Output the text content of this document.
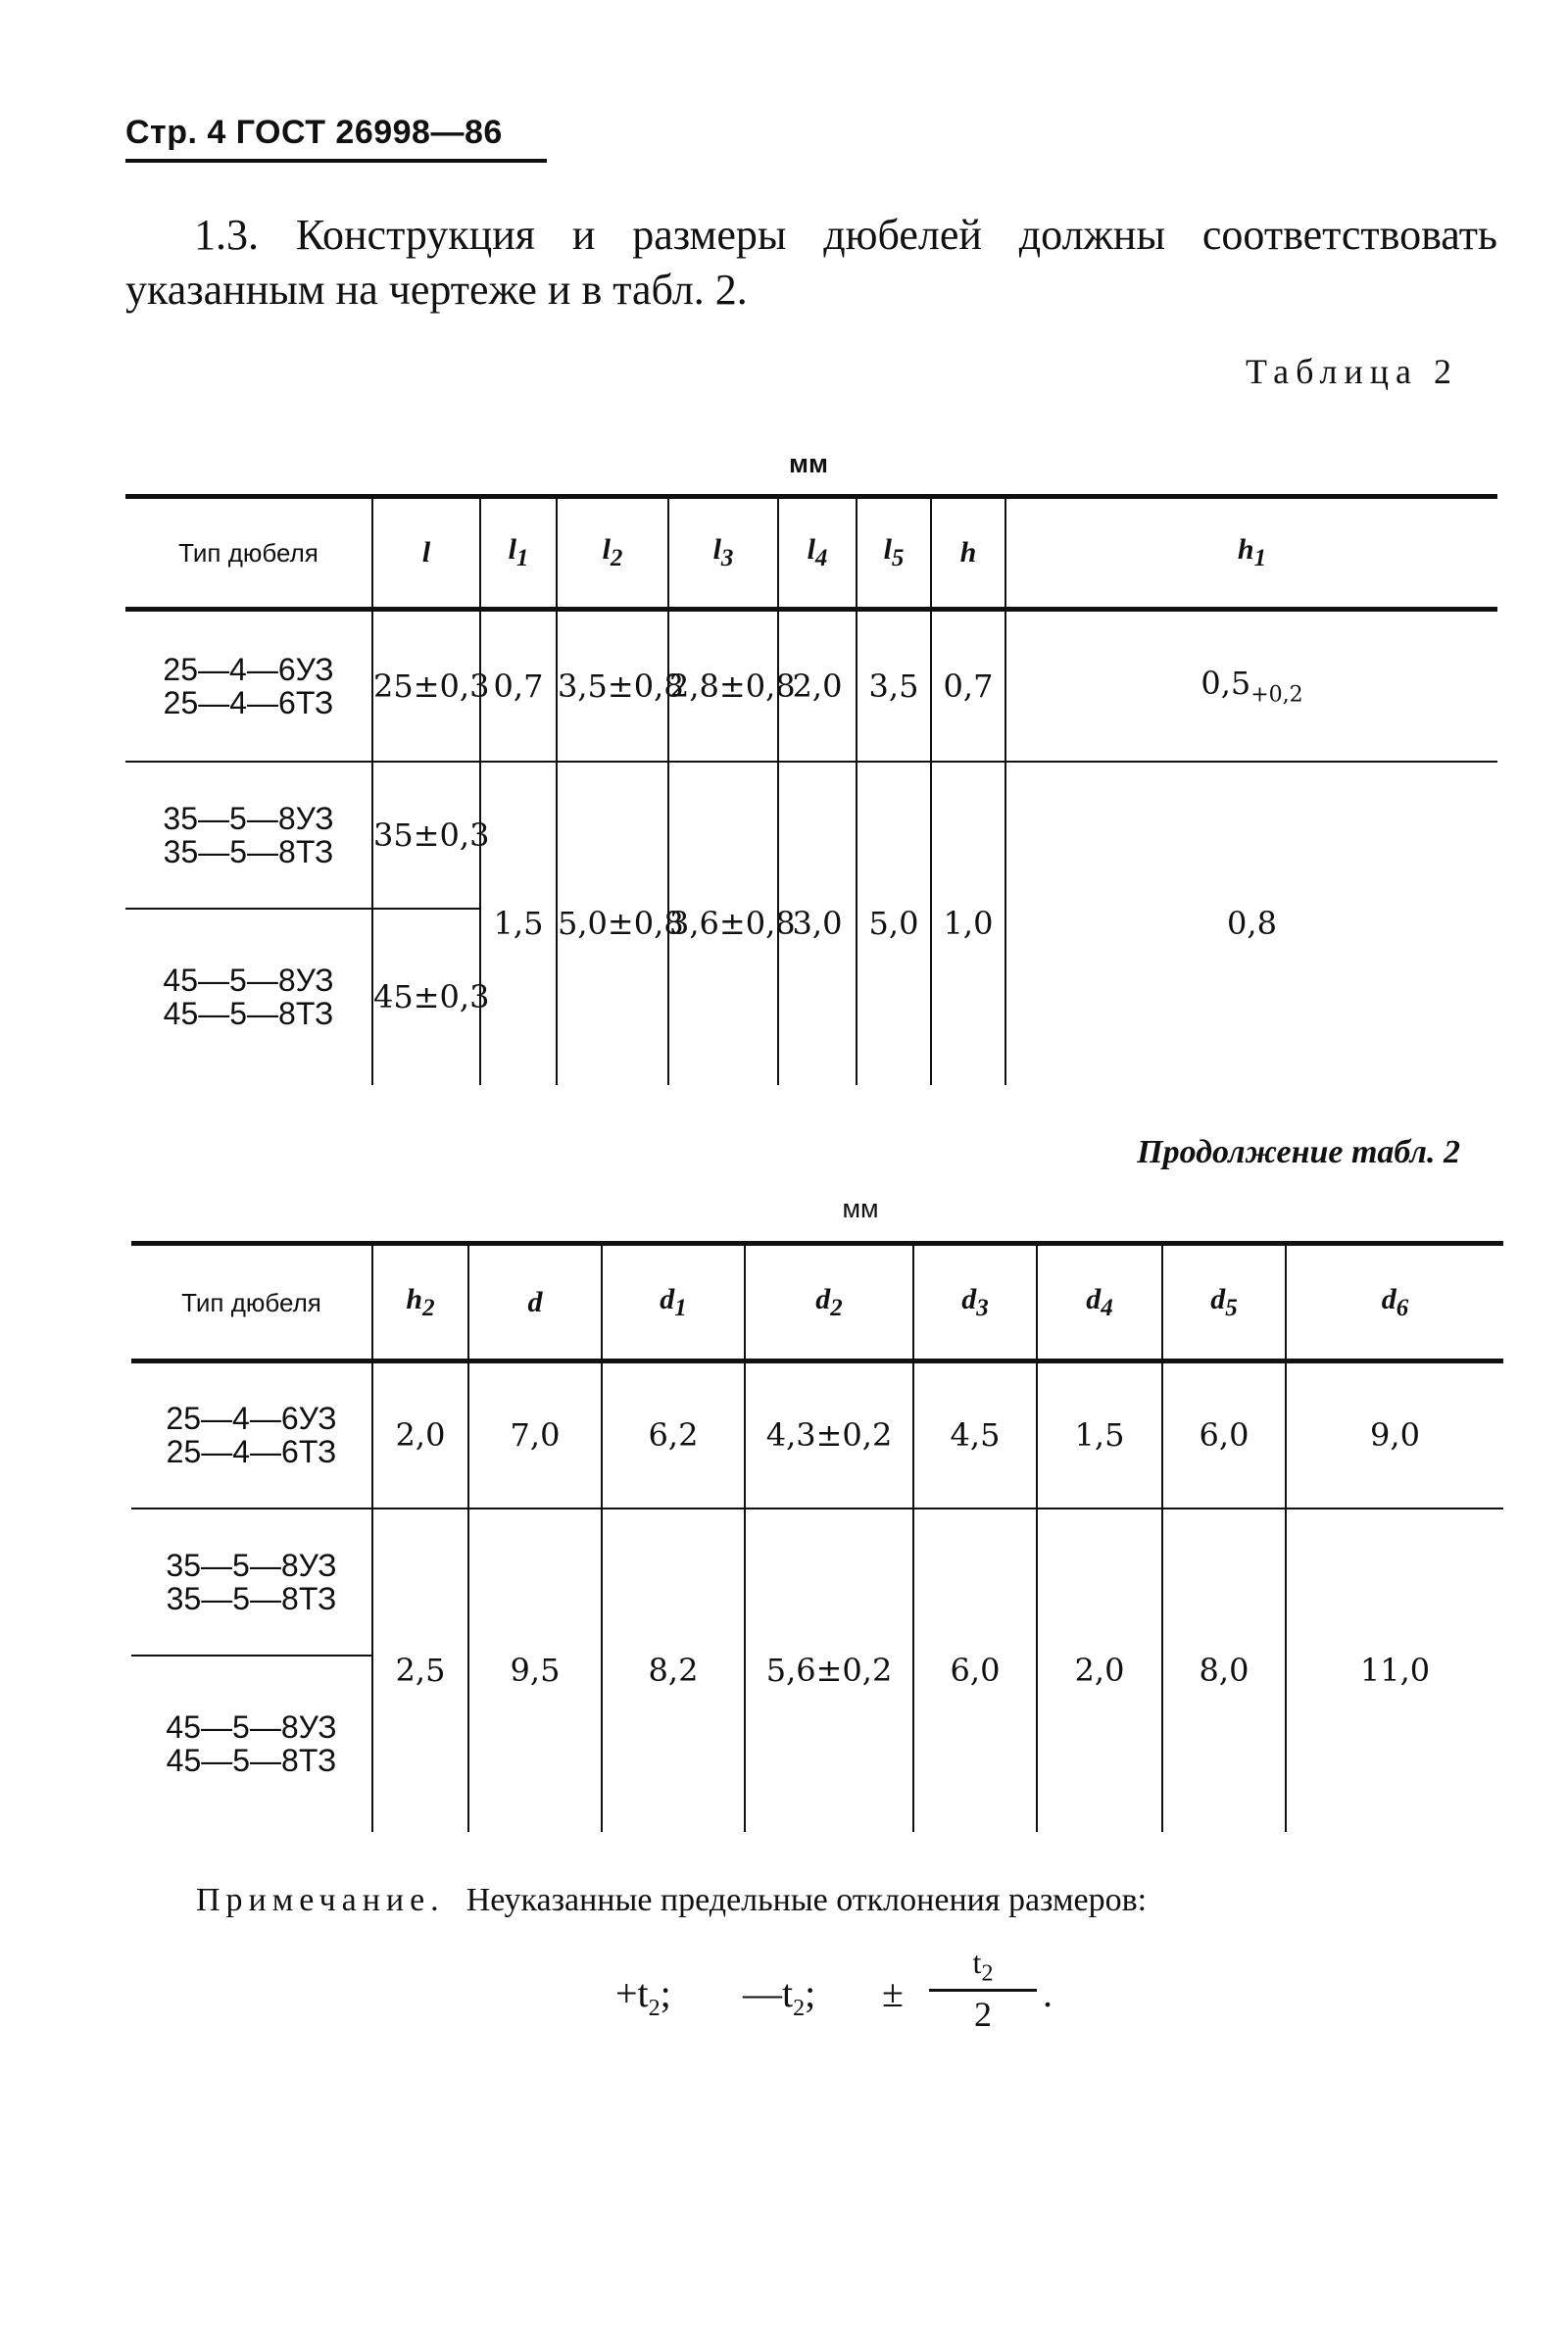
Стр. 4 ГОСТ 26998—86
1.3. Конструкция и размеры дюбелей должны соответствовать
указанным на чертеже и в табл. 2.
Таблица 2
мм
Тип дюбеля	l	$l_1$	$l_2$	$l_3$	$l_4$	$l_5$	h	$h_1$
25—4—6УЗ
25—4—6ТЗ	25±0,3	0,7	3,5±0,8	2,8±0,8	2,0	3,5	0,7	$0,5_{+0,2}$
35—5—8УЗ
35—5—8ТЗ	35±0,3	1,5	5,0±0,8	3,6±0,8	3,0	5,0	1,0	0,8
45—5—8УЗ
45—5—8ТЗ	45±0,3							
Продолжение табл. 2
мм
Тип дюбеля	$h_2$	d	$d_1$	$d_2$	$d_3$	$d_4$	$d_5$	$d_6$
25—4—6УЗ
25—4—6ТЗ	2,0	7,0	6,2	4,3±0,2	4,5	1,5	6,0	9,0
35—5—8УЗ
35—5—8ТЗ	2,5	9,5	8,2	5,6±0,2	6,0	2,0	8,0	11,0
45—5—8УЗ
45—5—8ТЗ								
Примечание. Неуказанные предельные отклонения размеров:
$+t_2$; $—t_2$; ±
$t_2$
2	.
